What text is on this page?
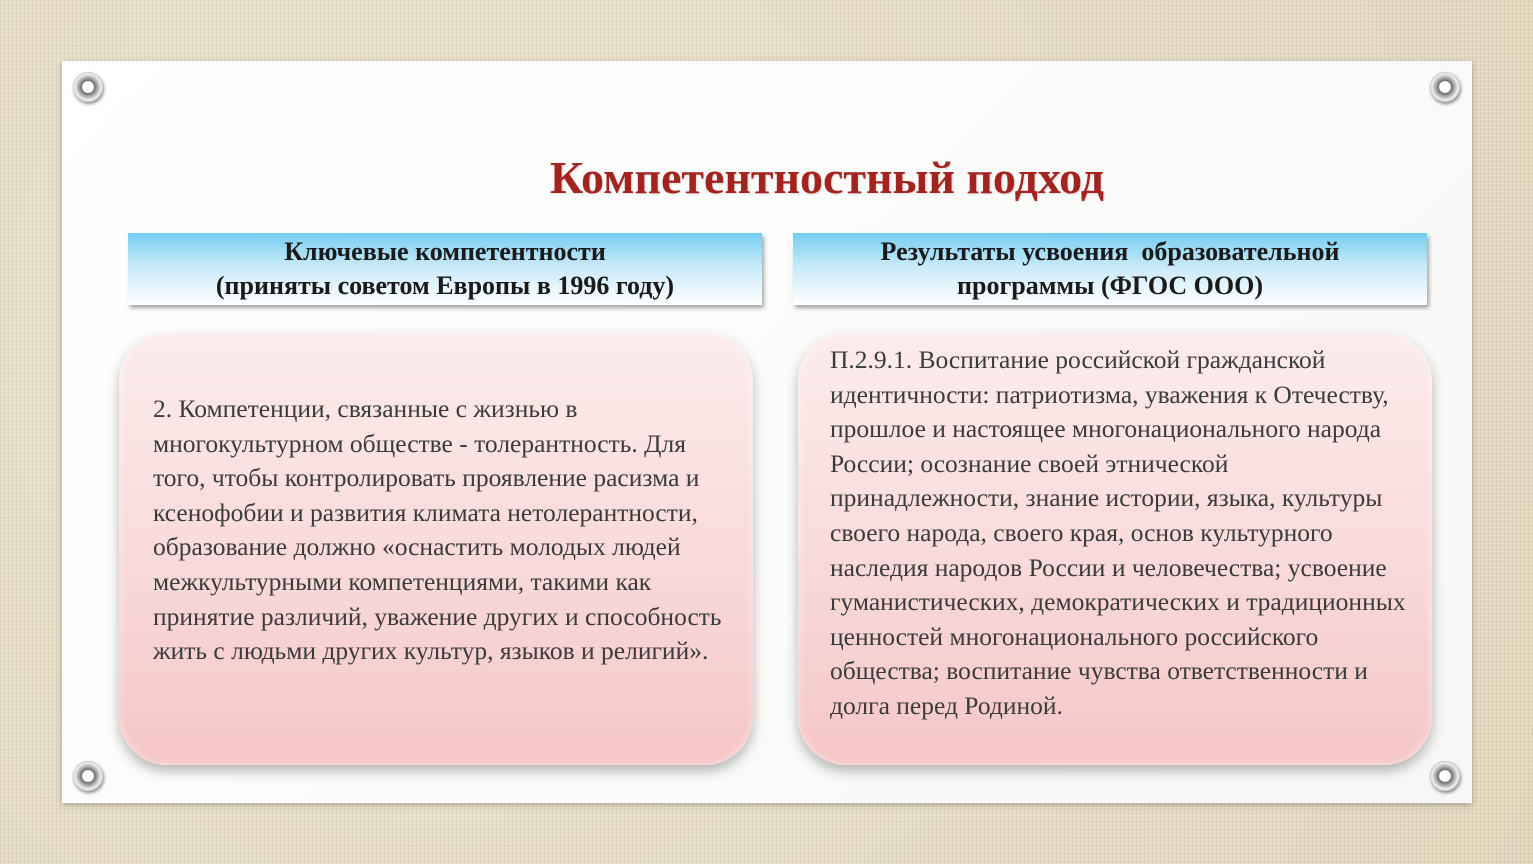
Компетентностный подход
Ключевые компетентности
(приняты советом Европы в 1996 году)
Результаты усвоения  образовательной
программы (ФГОС ООО)

2. Компетенции, связанные с жизнью в многокультурном обществе - толерантность. Для того, чтобы контролировать проявление расизма и ксенофобии и развития климата нетолерантности, образование должно «оснастить молодых людей межкультурными компетенциями, такими как принятие различий, уважение других и способность жить с людьми других культур, языков и религий».

П.2.9.1. Воспитание российской гражданской идентичности: патриотизма, уважения к Отечеству, прошлое и настоящее многонационального народа России; осознание своей этнической принадлежности, знание истории, языка, культуры своего народа, своего края, основ культурного наследия народов России и человечества; усвоение гуманистических, демократических и традиционных ценностей многонационального российского общества; воспитание чувства ответственности и долга перед Родиной.
